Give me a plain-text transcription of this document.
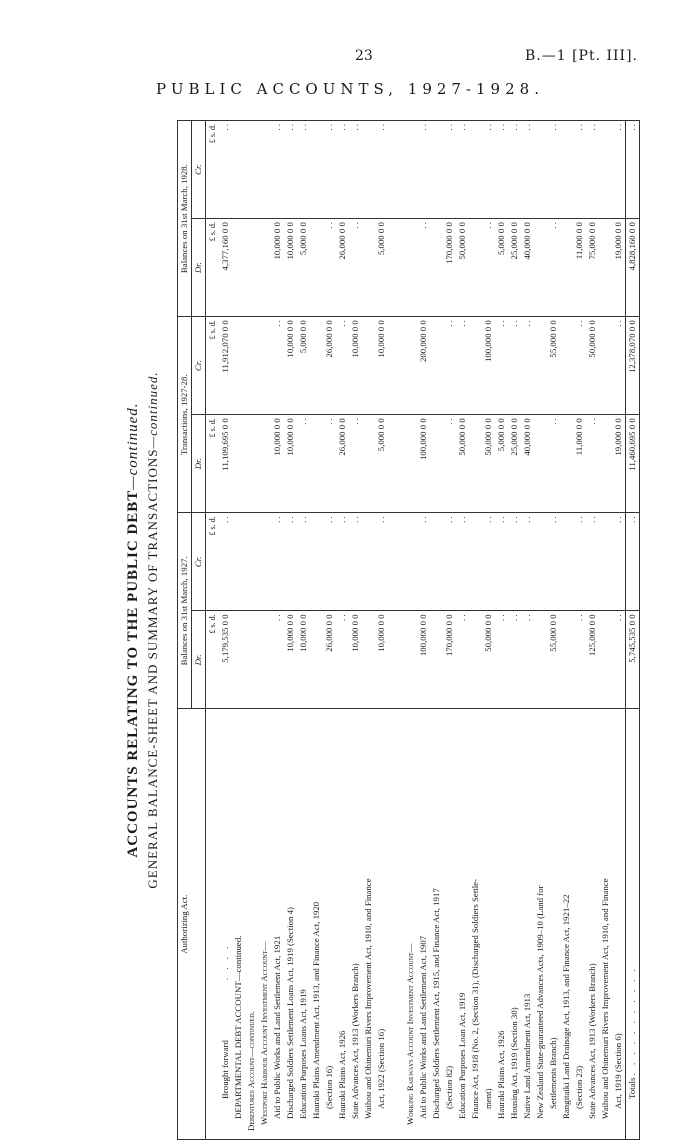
23	B.—1 [Pt. III].
PUBLIC ACCOUNTS, 1927-1928.
ACCOUNTS RELATING TO THE PUBLIC DEBT—continued.
GENERAL BALANCE-SHEET AND SUMMARY OF TRANSACTIONS—continued.
Authorizing Act.	Balances on 31st March, 1927.		Transactions, 1927-28.		Balances on 31st March, 1928.	
	Dr.	Cr.	Dr.	Cr.	Dr.	Cr.
	£ s. d.	£ s. d.	£ s. d.	£ s. d.	£ s. d.	£ s. d.
Brought forward. . . .	5,179,535 0 0	. .	11,109,695 0 0	11,912,070 0 0	4,377,160 0 0	. .
DEPARTMENTAL DEBT ACCOUNT—continued.						
Debentures Account—continued.						
Westport Harbour Account Investment Account—						
Aid to Public Works and Land Settlement Act, 1921	. .	. .	10,000 0 0	. .	10,000 0 0	. .
Discharged Soldiers Settlement Loans Act, 1919 (Section 4)	10,000 0 0	. .	10,000 0 0	10,000 0 0	10,000 0 0	. .
Education Purposes Loans Act, 1919	10,000 0 0	. .	. .	5,000 0 0	5,000 0 0	. .
Hauraki Plains Amendment Act, 1913, and Finance Act, 1920						
(Section 16)	26,000 0 0	. .	. .	26,000 0 0	. .	. .
Hauraki Plains Act, 1926	. .	. .	26,000 0 0	. .	26,000 0 0	. .
State Advances Act, 1913 (Workers Branch)	10,000 0 0	. .	. .	10,000 0 0	. .	. .
Waihou and Ohinemuri Rivers Improvement Act, 1910, and Finance						
Act, 1922 (Section 16)	10,000 0 0	. .	5,000 0 0	10,000 0 0	5,000 0 0	. .

Working Railways Account Investment Account—						
Aid to Public Works and Land Settlement Act, 1907	100,000 0 0	. .	100,000 0 0	200,000 0 0	. .	. .
Discharged Soldiers Settlement Act, 1915, and Finance Act, 1917						
(Section 82)	170,000 0 0	. .	. .	. .	170,000 0 0	. .
Education Purposes Loan Act, 1919	. .	. .	50,000 0 0	. .	50,000 0 0	. .
Finance Act, 1918 (No. 2, (Section 31), (Discharged Soldiers Settle-						
ment)	50,000 0 0	. .	50,000 0 0	100,000 0 0	. .	. .
Hauraki Plains Act, 1926	. .	. .	5,000 0 0	. .	5,000 0 0	. .
Housing Act, 1919 (Section 30)	. .	. .	25,000 0 0	. .	25,000 0 0	. .
Native Land Amendment Act, 1913	. .	. .	40,000 0 0	. .	40,000 0 0	. .
New Zealand State-guaranteed Advances Acts, 1909–10 (Land for						
Settlements Branch)	55,000 0 0	. .	. .	55,000 0 0	. .	. .
Rangitaiki Land Drainage Act, 1913, and Finance Act, 1921–22						
(Section 23)	. .	. .	11,000 0 0	. .	11,000 0 0	. .
State Advances Act, 1913 (Workers Branch)	125,000 0 0	. .	. .	50,000 0 0	75,000 0 0	. .
Waihou and Ohinemuri Rivers Improvement Act, 1910, and Finance						
Act, 1919 (Section 6)	. .	. .	19,000 0 0	. .	19,000 0 0	. .
Totals . . . . . . . . . . .	5,745,535 0 0	. .	11,460,695 0 0	12,378,070 0 0	4,828,160 0 0	. .
